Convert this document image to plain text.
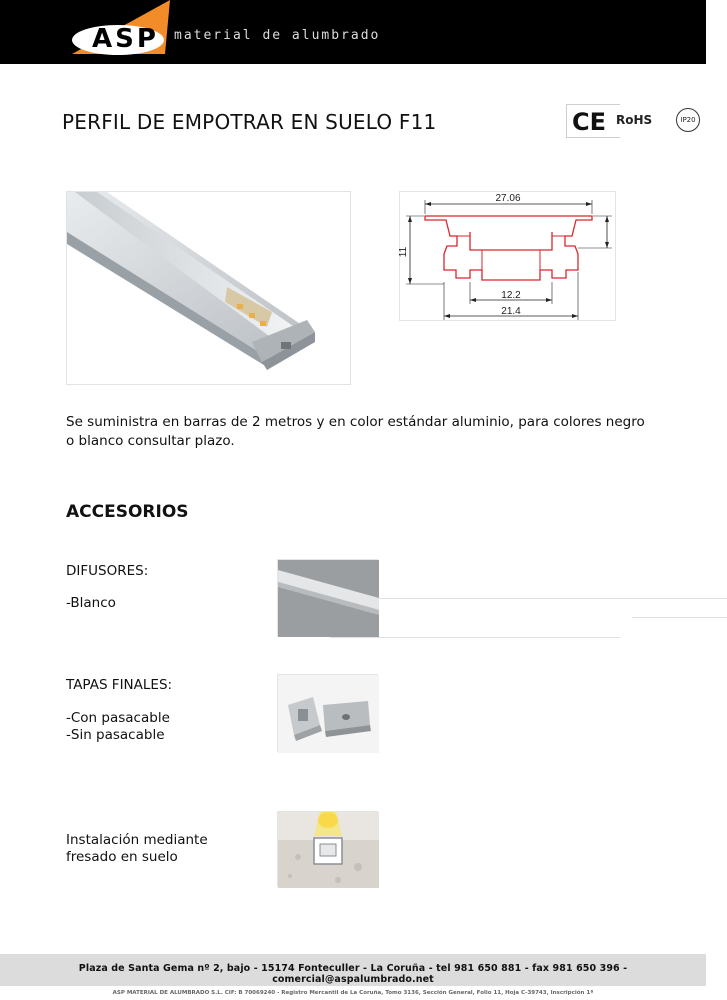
ASP material de alumbrado
PERFIL DE EMPOTRAR EN SUELO F11	CE RoHS	IP20
27.06
11
12.2
21.4

Se suministra en barras de 2 metros y en color estándar aluminio, para colores negro o blanco consultar plazo.

ACCESORIOS
DIFUSORES:
-Blanco
TAPAS FINALES:
-Con pasacable
-Sin pasacable
Instalación mediante
fresado en suelo
Plaza de Santa Gema nº 2, bajo - 15174 Fonteculler - La Coruña - tel 981 650 881 - fax 981 650 396 - comercial@aspalumbrado.net
ASP MATERIAL DE ALUMBRADO S.L. CIF: B 70069240 - Registro Mercantil de La Coruña, Tomo 3136, Sección General, Folio 11, Hoja C-39743, Inscripción 1ª
